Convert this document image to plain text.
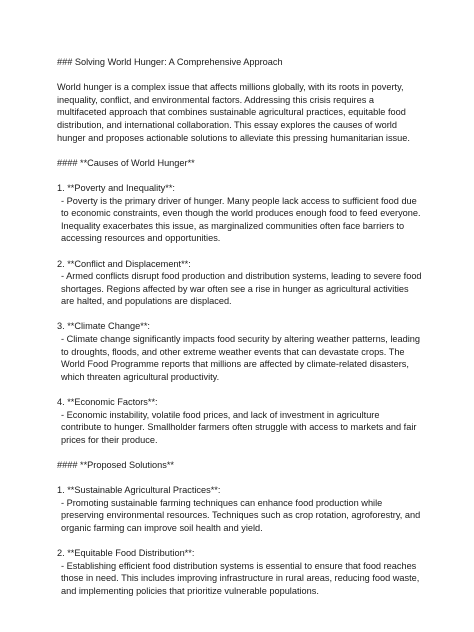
### Solving World Hunger: A Comprehensive Approach

World hunger is a complex issue that affects millions globally, with its roots in poverty, inequality, conflict, and environmental factors. Addressing this crisis requires a multifaceted approach that combines sustainable agricultural practices, equitable food distribution, and international collaboration. This essay explores the causes of world hunger and proposes actionable solutions to alleviate this pressing humanitarian issue.

#### **Causes of World Hunger**

1. **Poverty and Inequality**:

- Poverty is the primary driver of hunger. Many people lack access to sufficient food due to economic constraints, even though the world produces enough food to feed everyone. Inequality exacerbates this issue, as marginalized communities often face barriers to accessing resources and opportunities.

2. **Conflict and Displacement**:

- Armed conflicts disrupt food production and distribution systems, leading to severe food shortages. Regions affected by war often see a rise in hunger as agricultural activities are halted, and populations are displaced.

3. **Climate Change**:

- Climate change significantly impacts food security by altering weather patterns, leading to droughts, floods, and other extreme weather events that can devastate crops. The World Food Programme reports that millions are affected by climate-related disasters, which threaten agricultural productivity.

4. **Economic Factors**:

- Economic instability, volatile food prices, and lack of investment in agriculture contribute to hunger. Smallholder farmers often struggle with access to markets and fair prices for their produce.

#### **Proposed Solutions**

1. **Sustainable Agricultural Practices**:

- Promoting sustainable farming techniques can enhance food production while preserving environmental resources. Techniques such as crop rotation, agroforestry, and organic farming can improve soil health and yield.

2. **Equitable Food Distribution**:

- Establishing efficient food distribution systems is essential to ensure that food reaches those in need. This includes improving infrastructure in rural areas, reducing food waste, and implementing policies that prioritize vulnerable populations.
